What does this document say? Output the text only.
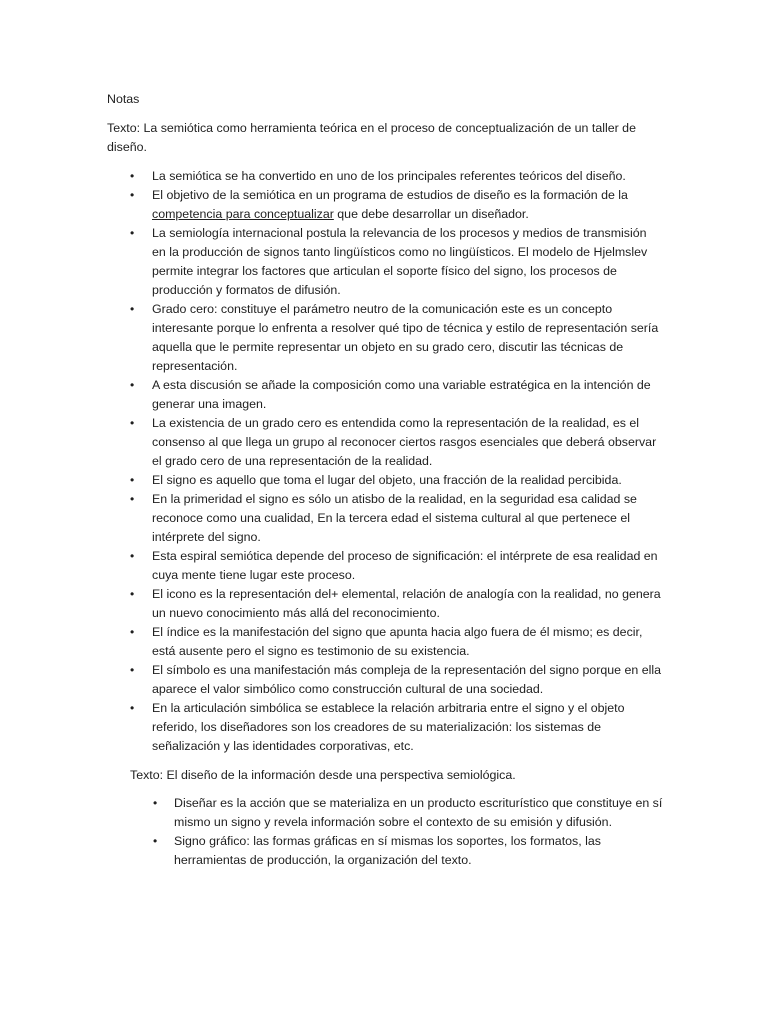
Notas

Texto: La semiótica como herramienta teórica en el proceso de conceptualización de un taller de diseño.

• La semiótica se ha convertido en uno de los principales referentes teóricos del diseño.
• El objetivo de la semiótica en un programa de estudios de diseño es la formación de la competencia para conceptualizar que debe desarrollar un diseñador.
• La semiología internacional postula la relevancia de los procesos y medios de transmisión en la producción de signos tanto lingüísticos como no lingüísticos. El modelo de Hjelmslev permite integrar los factores que articulan el soporte físico del signo, los procesos de producción y formatos de difusión.
• Grado cero: constituye el parámetro neutro de la comunicación este es un concepto interesante porque lo enfrenta a resolver qué tipo de técnica y estilo de representación sería aquella que le permite representar un objeto en su grado cero, discutir las técnicas de representación.
• A esta discusión se añade la composición como una variable estratégica en la intención de generar una imagen.
• La existencia de un grado cero es entendida como la representación de la realidad, es el consenso al que llega un grupo al reconocer ciertos rasgos esenciales que deberá observar el grado cero de una representación de la realidad.
• El signo es aquello que toma el lugar del objeto, una fracción de la realidad percibida.
• En la primeridad el signo es sólo un atisbo de la realidad, en la seguridad esa calidad se reconoce como una cualidad, En la tercera edad el sistema cultural al que pertenece el intérprete del signo.
• Esta espiral semiótica depende del proceso de significación: el intérprete de esa realidad en cuya mente tiene lugar este proceso.
• El icono es la representación del+ elemental, relación de analogía con la realidad, no genera un nuevo conocimiento más allá del reconocimiento.
• El índice es la manifestación del signo que apunta hacia algo fuera de él mismo; es decir, está ausente pero el signo es testimonio de su existencia.
• El símbolo es una manifestación más compleja de la representación del signo porque en ella aparece el valor simbólico como construcción cultural de una sociedad.
• En la articulación simbólica se establece la relación arbitraria entre el signo y el objeto referido, los diseñadores son los creadores de su materialización: los sistemas de señalización y las identidades corporativas, etc.

Texto: El diseño de la información desde una perspectiva semiológica.

• Diseñar es la acción que se materializa en un producto escriturístico que constituye en sí mismo un signo y revela información sobre el contexto de su emisión y difusión.
• Signo gráfico: las formas gráficas en sí mismas los soportes, los formatos, las herramientas de producción, la organización del texto.
